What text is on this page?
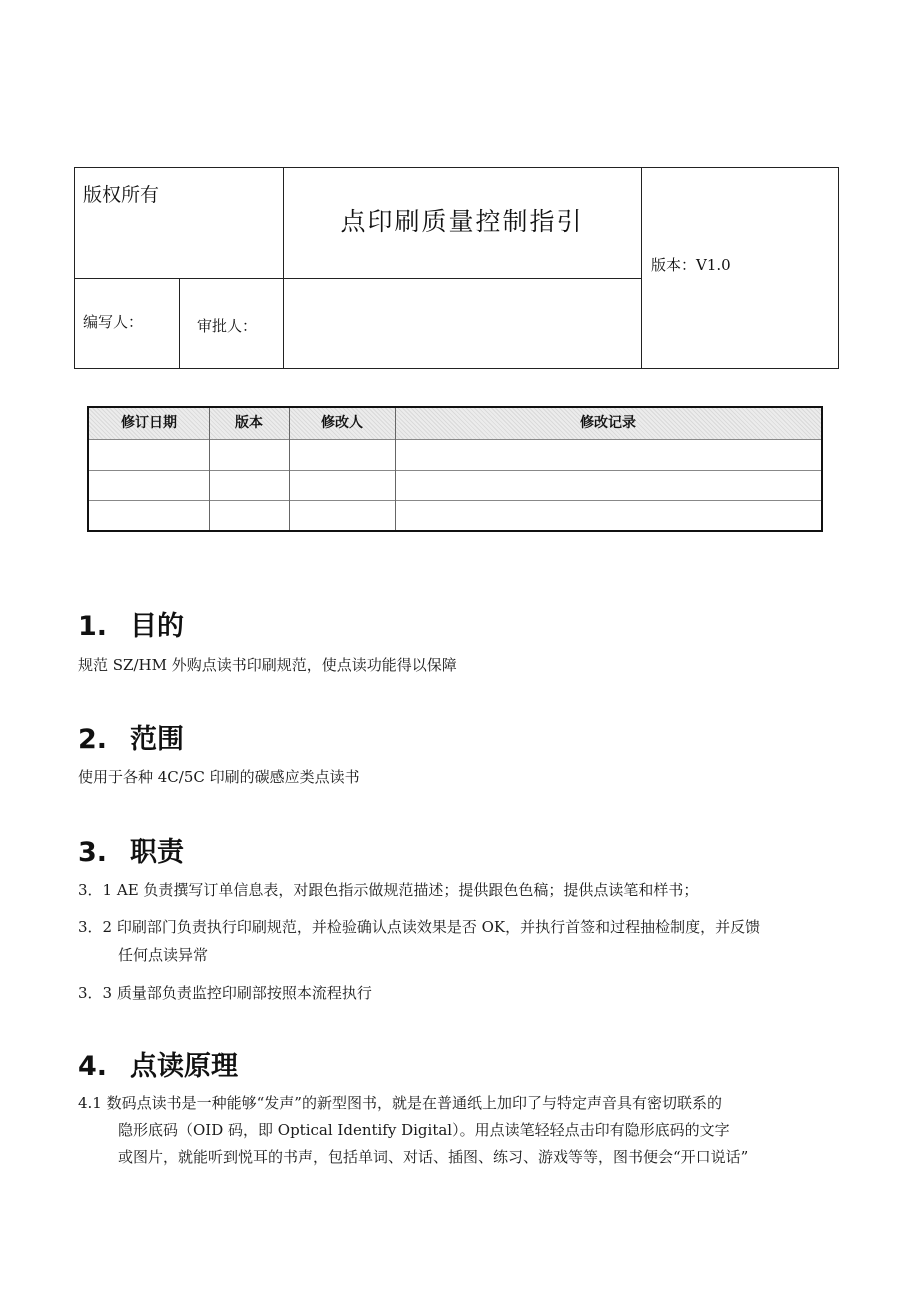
版权所有
点印刷质量控制指引
版本：V1.0
编写人：	审批人：
修订日期	版本	修改人	修改记录
1. 目的
规范 SZ/HM 外购点读书印刷规范，使点读功能得以保障
2. 范围
使用于各种 4C/5C 印刷的碳感应类点读书
3. 职责
3．1 AE 负责撰写订单信息表，对跟色指示做规范描述；提供跟色色稿；提供点读笔和样书；
3．2 印刷部门负责执行印刷规范，并检验确认点读效果是否 OK，并执行首签和过程抽检制度，并反馈
任何点读异常
3．3 质量部负责监控印刷部按照本流程执行
4. 点读原理
4.1 数码点读书是一种能够“发声”的新型图书，就是在普通纸上加印了与特定声音具有密切联系的
隐形底码（OID 码，即 Optical Identify Digital）。用点读笔轻轻点击印有隐形底码的文字
或图片，就能听到悦耳的书声，包括单词、对话、插图、练习、游戏等等，图书便会“开口说话”
